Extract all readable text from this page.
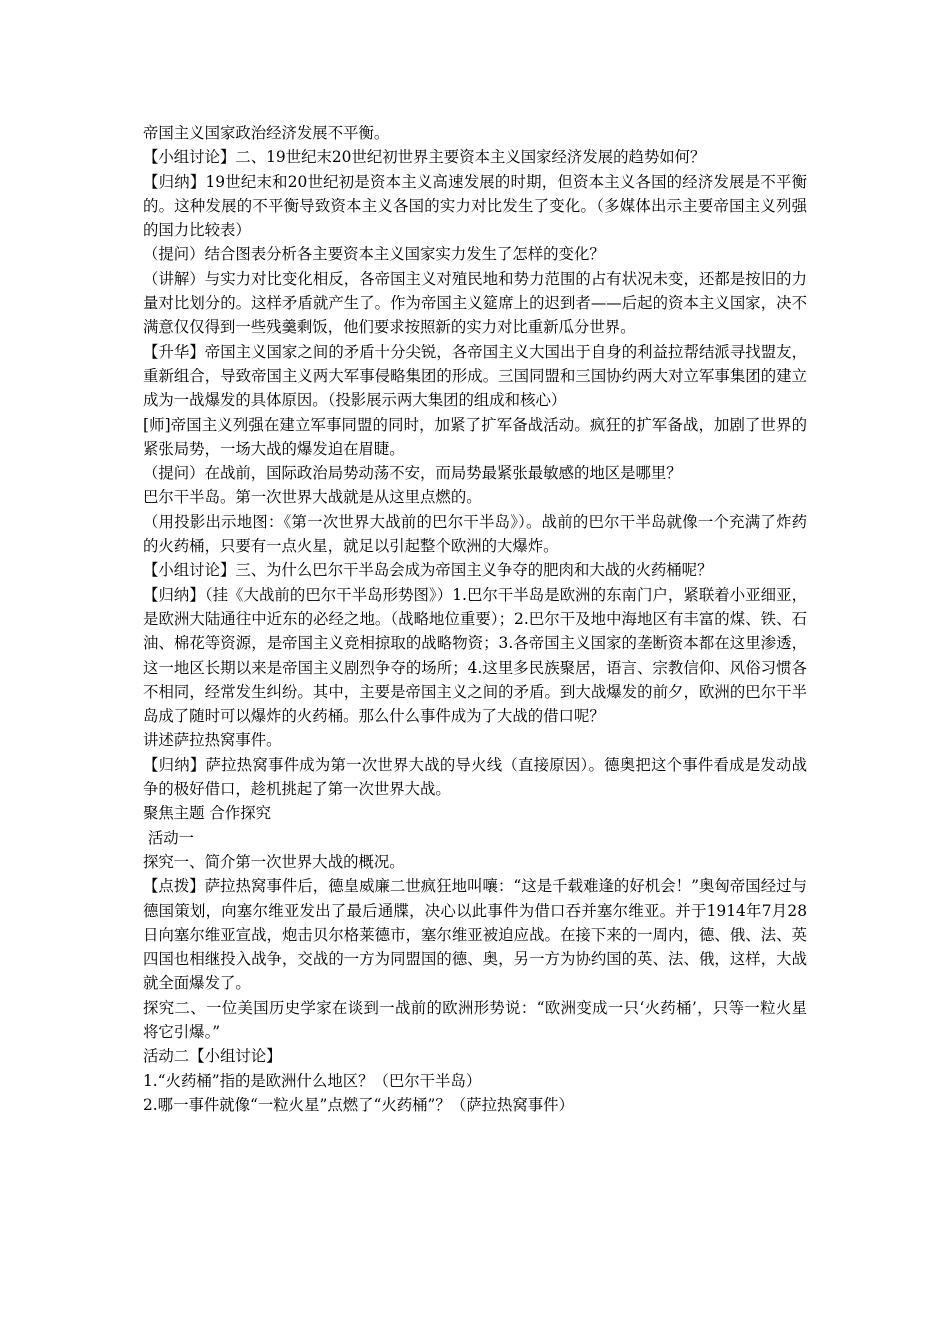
帝国主义国家政治经济发展不平衡。

【小组讨论】二、19世纪末20世纪初世界主要资本主义国家经济发展的趋势如何？

【归纳】19世纪末和20世纪初是资本主义高速发展的时期，但资本主义各国的经济发展是不平衡的。这种发展的不平衡导致资本主义各国的实力对比发生了变化。（多媒体出示主要帝国主义列强的国力比较表）

（提问）结合图表分析各主要资本主义国家实力发生了怎样的变化？

（讲解）与实力对比变化相反，各帝国主义对殖民地和势力范围的占有状况未变，还都是按旧的力量对比划分的。这样矛盾就产生了。作为帝国主义筵席上的迟到者——后起的资本主义国家，决不满意仅仅得到一些残羹剩饭，他们要求按照新的实力对比重新瓜分世界。

【升华】帝国主义国家之间的矛盾十分尖锐，各帝国主义大国出于自身的利益拉帮结派寻找盟友，重新组合，导致帝国主义两大军事侵略集团的形成。三国同盟和三国协约两大对立军事集团的建立成为一战爆发的具体原因。（投影展示两大集团的组成和核心）

[师]帝国主义列强在建立军事同盟的同时，加紧了扩军备战活动。疯狂的扩军备战，加剧了世界的紧张局势，一场大战的爆发迫在眉睫。

（提问）在战前，国际政治局势动荡不安，而局势最紧张最敏感的地区是哪里？

巴尔干半岛。第一次世界大战就是从这里点燃的。

（用投影出示地图：《第一次世界大战前的巴尔干半岛》）。战前的巴尔干半岛就像一个充满了炸药的火药桶，只要有一点火星，就足以引起整个欧洲的大爆炸。

【小组讨论】三、为什么巴尔干半岛会成为帝国主义争夺的肥肉和大战的火药桶呢？

【归纳】（挂《大战前的巴尔干半岛形势图》）1.巴尔干半岛是欧洲的东南门户，紧联着小亚细亚，是欧洲大陆通往中近东的必经之地。（战略地位重要）；2.巴尔干及地中海地区有丰富的煤、铁、石油、棉花等资源，是帝国主义竞相掠取的战略物资；3.各帝国主义国家的垄断资本都在这里渗透，这一地区长期以来是帝国主义剧烈争夺的场所；4.这里多民族聚居，语言、宗教信仰、风俗习惯各不相同，经常发生纠纷。其中，主要是帝国主义之间的矛盾。到大战爆发的前夕，欧洲的巴尔干半岛成了随时可以爆炸的火药桶。那么什么事件成为了大战的借口呢？

讲述萨拉热窝事件。

【归纳】萨拉热窝事件成为第一次世界大战的导火线（直接原因）。德奥把这个事件看成是发动战争的极好借口，趁机挑起了第一次世界大战。

聚焦主题 合作探究

活动一

探究一、简介第一次世界大战的概况。

【点拨】萨拉热窝事件后，德皇威廉二世疯狂地叫嚷：“这是千载难逢的好机会！”奥匈帝国经过与德国策划，向塞尔维亚发出了最后通牒，决心以此事件为借口吞并塞尔维亚。并于1914年7月28日向塞尔维亚宣战，炮击贝尔格莱德市，塞尔维亚被迫应战。在接下来的一周内，德、俄、法、英四国也相继投入战争，交战的一方为同盟国的德、奥，另一方为协约国的英、法、俄，这样，大战就全面爆发了。

探究二、一位美国历史学家在谈到一战前的欧洲形势说：“欧洲变成一只‘火药桶’，只等一粒火星将它引爆。”

活动二【小组讨论】

1.“火药桶”指的是欧洲什么地区？（巴尔干半岛）

2.哪一事件就像“一粒火星”点燃了“火药桶”？（萨拉热窝事件）
